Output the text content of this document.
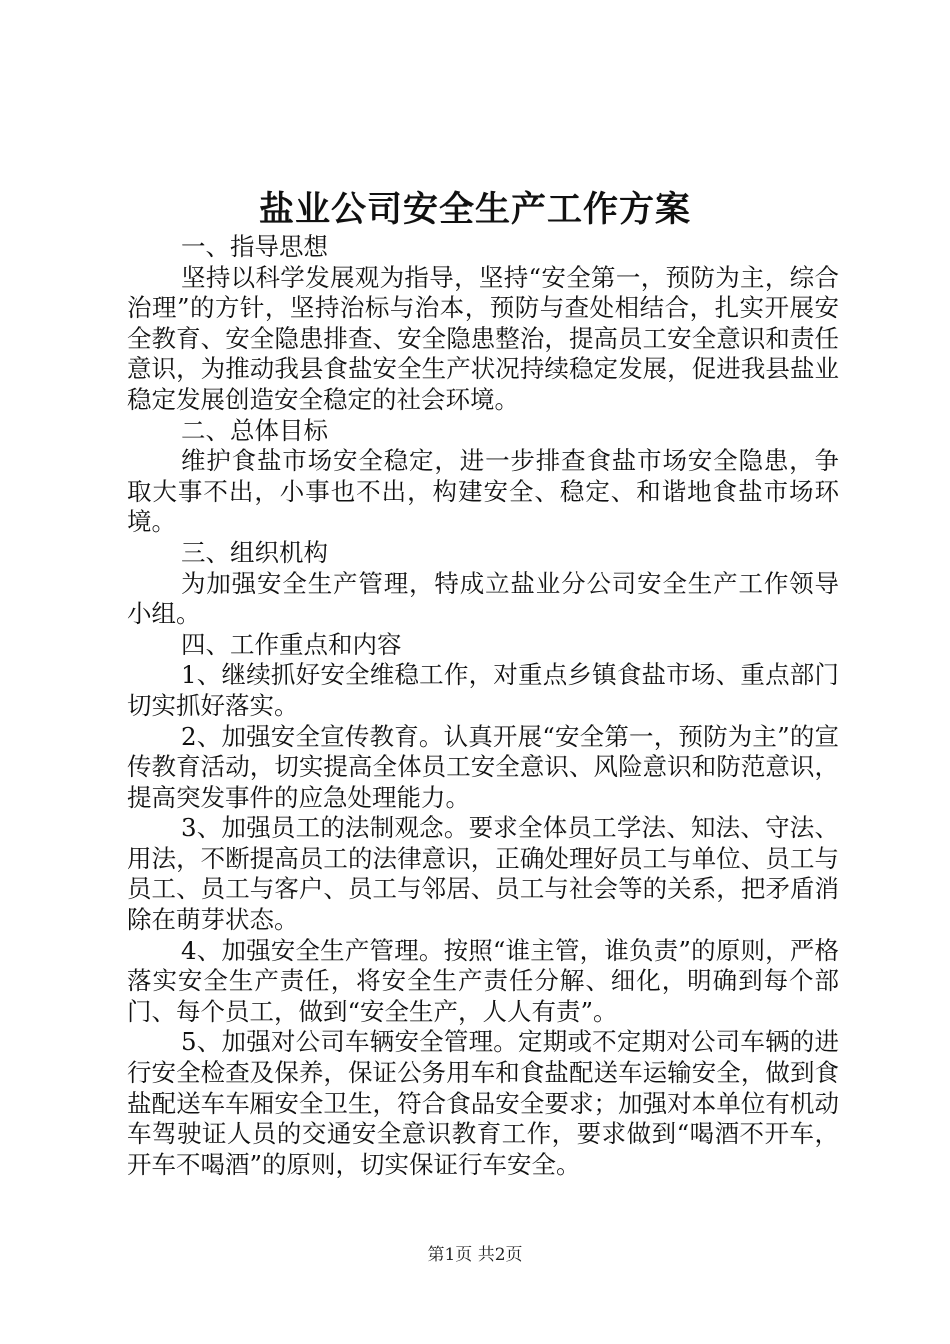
盐业公司安全生产工作方案

一、指导思想

坚持以科学发展观为指导，坚持“安全第一，预防为主，综合治理”的方针，坚持治标与治本，预防与查处相结合，扎实开展安全教育、安全隐患排查、安全隐患整治，提高员工安全意识和责任意识，为推动我县食盐安全生产状况持续稳定发展，促进我县盐业稳定发展创造安全稳定的社会环境。

二、总体目标

维护食盐市场安全稳定，进一步排查食盐市场安全隐患，争取大事不出，小事也不出，构建安全、稳定、和谐地食盐市场环境。

三、组织机构

为加强安全生产管理，特成立盐业分公司安全生产工作领导小组。

四、工作重点和内容

1、继续抓好安全维稳工作，对重点乡镇食盐市场、重点部门切实抓好落实。

2、加强安全宣传教育。认真开展“安全第一，预防为主”的宣传教育活动，切实提高全体员工安全意识、风险意识和防范意识，提高突发事件的应急处理能力。

3、加强员工的法制观念。要求全体员工学法、知法、守法、用法，不断提高员工的法律意识，正确处理好员工与单位、员工与员工、员工与客户、员工与邻居、员工与社会等的关系，把矛盾消除在萌芽状态。

4、加强安全生产管理。按照“谁主管，谁负责”的原则，严格落实安全生产责任，将安全生产责任分解、细化，明确到每个部门、每个员工，做到“安全生产，人人有责”。

5、加强对公司车辆安全管理。定期或不定期对公司车辆的进行安全检查及保养，保证公务用车和食盐配送车运输安全，做到食盐配送车车厢安全卫生，符合食品安全要求；加强对本单位有机动车驾驶证人员的交通安全意识教育工作，要求做到“喝酒不开车，开车不喝酒”的原则，切实保证行车安全。

第1页 共2页
